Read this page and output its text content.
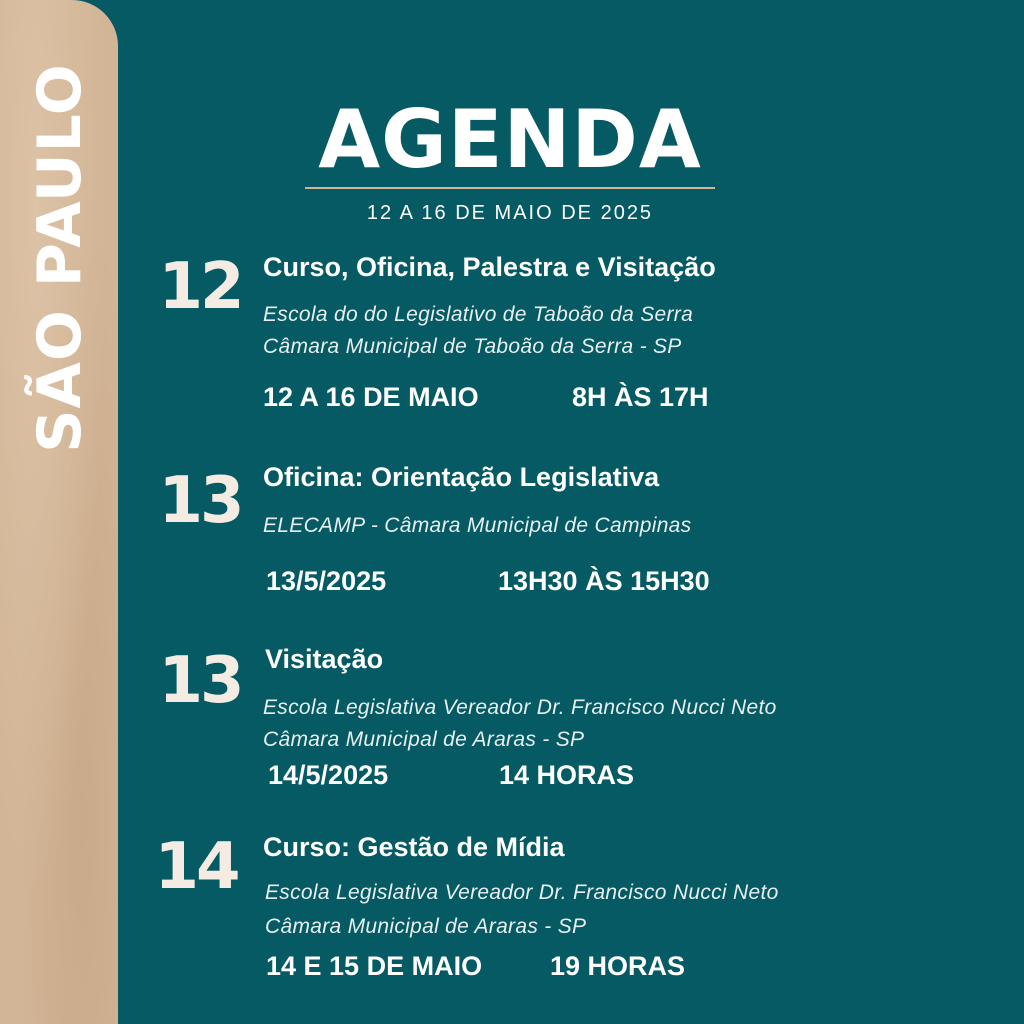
SÃO PAULO	AGENDA
12 A 16 DE MAIO DE 2025
12 Curso, Oficina, Palestra e Visitação
Escola do do Legislativo de Taboão da Serra
Câmara Municipal de Taboão da Serra - SP
12 A 16 DE MAIO	8H ÀS 17H
13 Oficina: Orientação Legislativa
ELECAMP - Câmara Municipal de Campinas
13/5/2025	13H30 ÀS 15H30
13 Visitação
Escola Legislativa Vereador Dr. Francisco Nucci Neto
Câmara Municipal de Araras - SP
14/5/2025	14 HORAS
14 Curso: Gestão de Mídia
Escola Legislativa Vereador Dr. Francisco Nucci Neto
Câmara Municipal de Araras - SP
14 E 15 DE MAIO	19 HORAS
